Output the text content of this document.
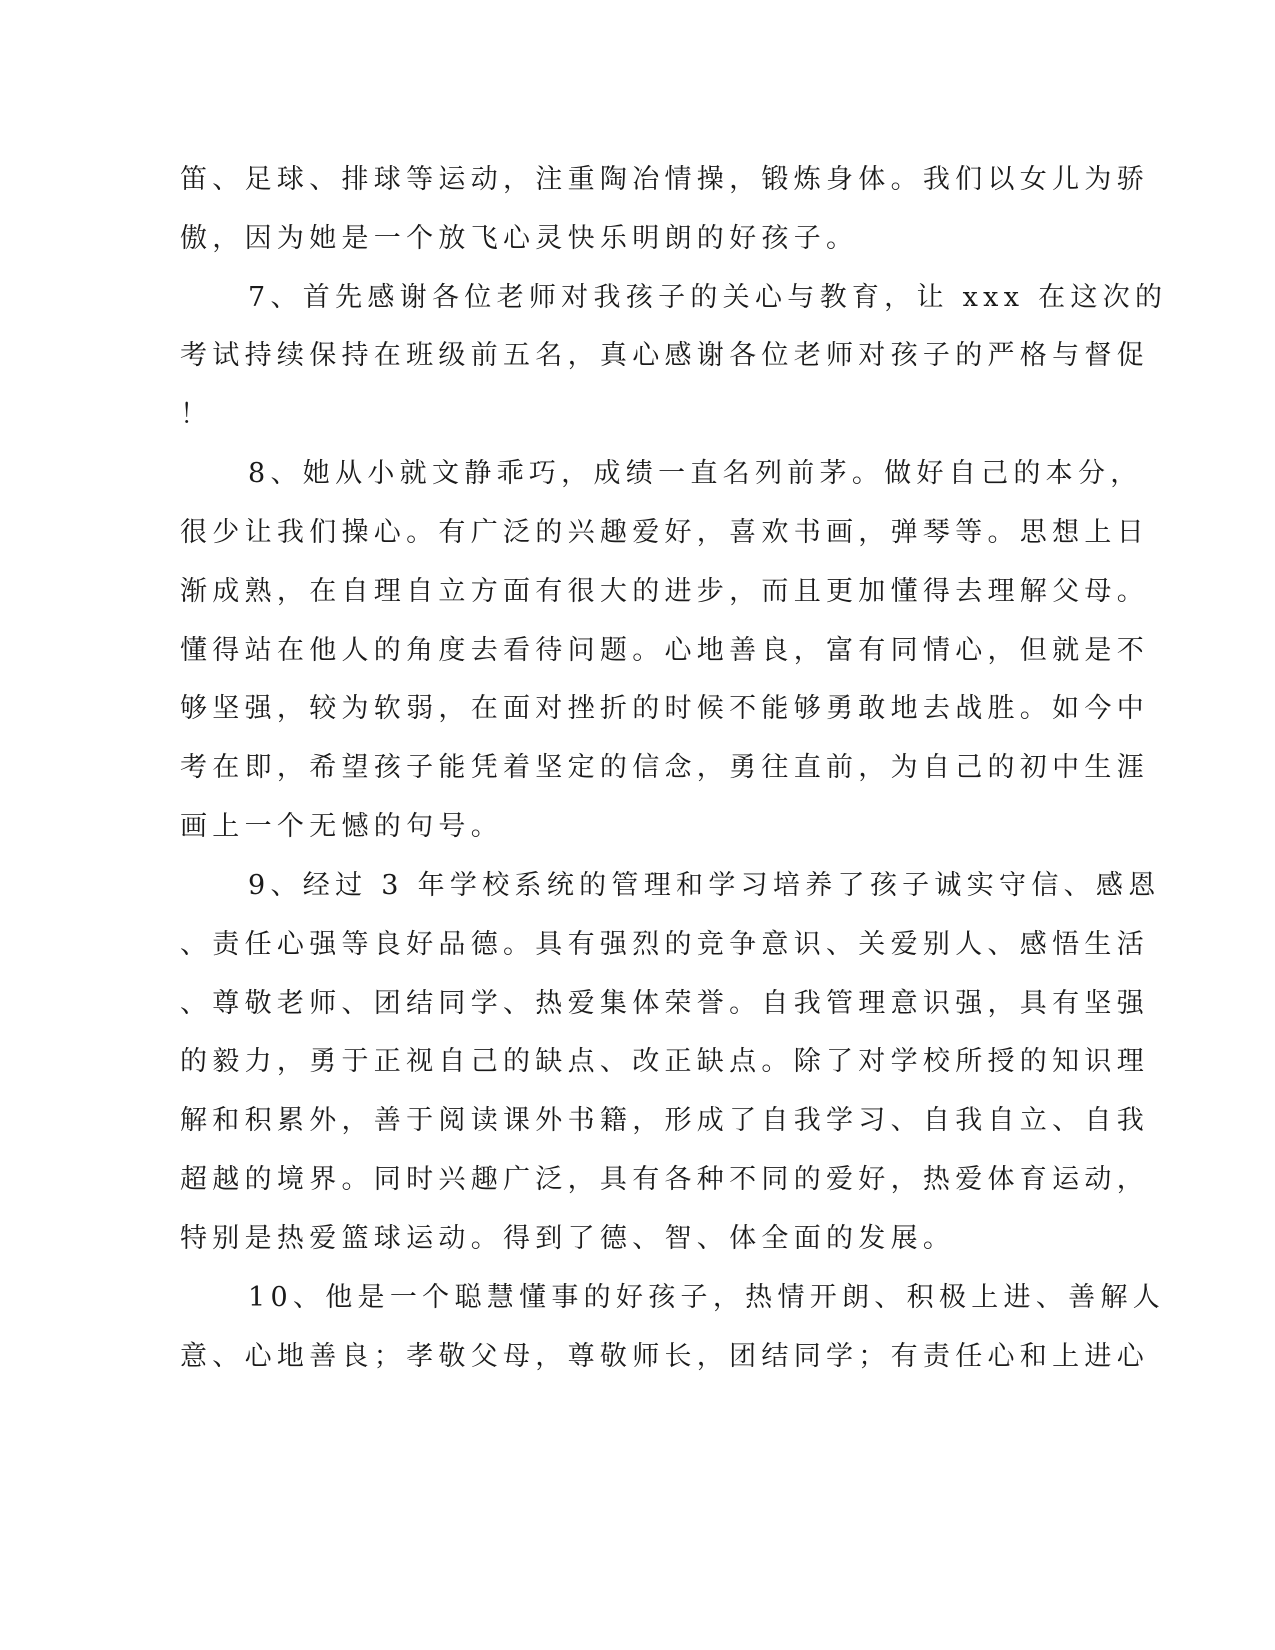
笛、足球、排球等运动，注重陶冶情操，锻炼身体。我们以女儿为骄
傲，因为她是一个放飞心灵快乐明朗的好孩子。
7、首先感谢各位老师对我孩子的关心与教育，让 xxx 在这次的
考试持续保持在班级前五名，真心感谢各位老师对孩子的严格与督促
！
8、她从小就文静乖巧，成绩一直名列前茅。做好自己的本分，
很少让我们操心。有广泛的兴趣爱好，喜欢书画，弹琴等。思想上日
渐成熟，在自理自立方面有很大的进步，而且更加懂得去理解父母。
懂得站在他人的角度去看待问题。心地善良，富有同情心，但就是不
够坚强，较为软弱，在面对挫折的时候不能够勇敢地去战胜。如今中
考在即，希望孩子能凭着坚定的信念，勇往直前，为自己的初中生涯
画上一个无憾的句号。
9、经过 3 年学校系统的管理和学习培养了孩子诚实守信、感恩
、责任心强等良好品德。具有强烈的竞争意识、关爱别人、感悟生活
、尊敬老师、团结同学、热爱集体荣誉。自我管理意识强，具有坚强
的毅力，勇于正视自己的缺点、改正缺点。除了对学校所授的知识理
解和积累外，善于阅读课外书籍，形成了自我学习、自我自立、自我
超越的境界。同时兴趣广泛，具有各种不同的爱好，热爱体育运动，
特别是热爱篮球运动。得到了德、智、体全面的发展。
10、他是一个聪慧懂事的好孩子，热情开朗、积极上进、善解人
意、心地善良；孝敬父母，尊敬师长，团结同学；有责任心和上进心
